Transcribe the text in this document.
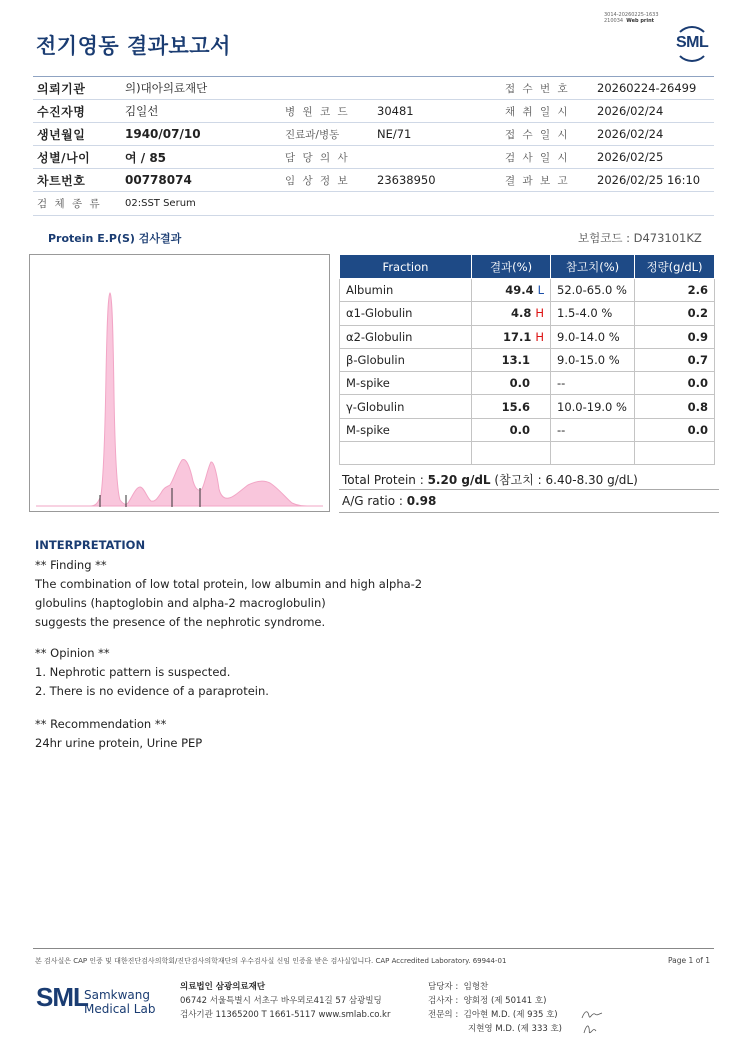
전기영동 결과보고서
3014-20260225-1633
210034 Web print
SML
의뢰기관	의)대아의료재단			접 수 번 호	20260224-26499
수진자명	김일선	병 원 코 드	30481	채 취 일 시	2026/02/24
생년월일	1940/07/10	진료과/병동	NE/71	접 수 일 시	2026/02/24
성별/나이	여 / 85	담 당 의 사		검 사 일 시	2026/02/25
차트번호	00778074	임 상 정 보	23638950	결 과 보 고	2026/02/25 16:10
검 체 종 류	02:SST Serum				
Protein E.P(S) 검사결과	보험코드 : D473101KZ
Fraction	결과(%)	참고치(%)	정량(g/dL)
Albumin	49.4 L	52.0-65.0 %	2.6
α1-Globulin	4.8 H	1.5-4.0 %	0.2
α2-Globulin	17.1 H	9.0-14.0 %	0.9
β-Globulin	13.1	9.0-15.0 %	0.7
M-spike	0.0	--	0.0
γ-Globulin	15.6	10.0-19.0 %	0.8
M-spike	0.0	--	0.0

Total Protein : 5.20 g/dL (참고치 : 6.40-8.30 g/dL)
A/G ratio : 0.98
INTERPRETATION
** Finding **
The combination of low total protein, low albumin and high alpha-2
globulins (haptoglobin and alpha-2 macroglobulin)
suggests the presence of the nephrotic syndrome.
** Opinion **
1. Nephrotic pattern is suspected.
2. There is no evidence of a paraprotein.
** Recommendation **
24hr urine protein, Urine PEP
본 검사실은 CAP 인증 및 대한진단검사의학회/진단검사의학재단의 우수검사실 신임 인증을 받은 검사실입니다. CAP Accredited Laboratory. 69944-01	Page 1 of 1
SML
Samkwang
Medical Lab
의료법인 삼광의료재단
06742 서울특별시 서초구 바우뫼로41길 57 삼광빌딩
검사기관 11365200 T 1661-5117 www.smlab.co.kr
담당자 : 임형찬
검사자 : 양회정 (제 50141 호)
전문의 : 김아현 M.D. (제 935 호)
지현영 M.D. (제 333 호)
